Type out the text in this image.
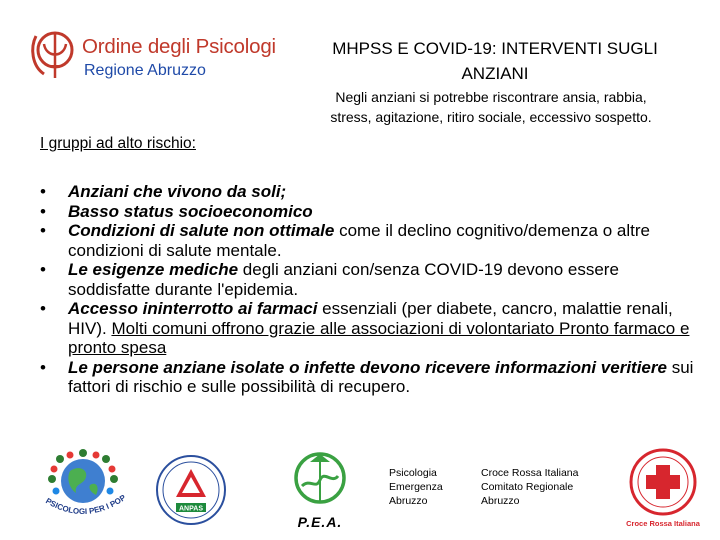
Ordine degli Psicologi
Regione Abruzzo
MHPSS E COVID-19: INTERVENTI SUGLI
ANZIANI
Negli anziani si potrebbe riscontrare ansia, rabbia,
stress, agitazione, ritiro sociale, eccessivo sospetto.
I gruppi ad alto rischio:
•	Anziani che vivono da soli;
•	Basso status socioeconomico
•	Condizioni di salute non ottimale come il declino cognitivo/demenza o altre condizioni di salute mentale.
•	Le esigenze mediche degli anziani con/senza COVID-19 devono essere soddisfatte durante l'epidemia.
•	Accesso ininterrotto ai farmaci essenziali (per diabete, cancro, malattie renali, HIV). Molti comuni offrono grazie alle associazioni di volontariato Pronto farmaco e pronto spesa
•	Le persone anziane isolate o infette devono ricevere informazioni veritiere sui fattori di rischio e sulle possibilità di recupero.
PSICOLOGI PER I POP
ANPAS
P.E.A.
Psicologia
Emergenza
Abruzzo
Croce Rossa Italiana
Comitato Regionale
Abruzzo
Croce Rossa Italiana
